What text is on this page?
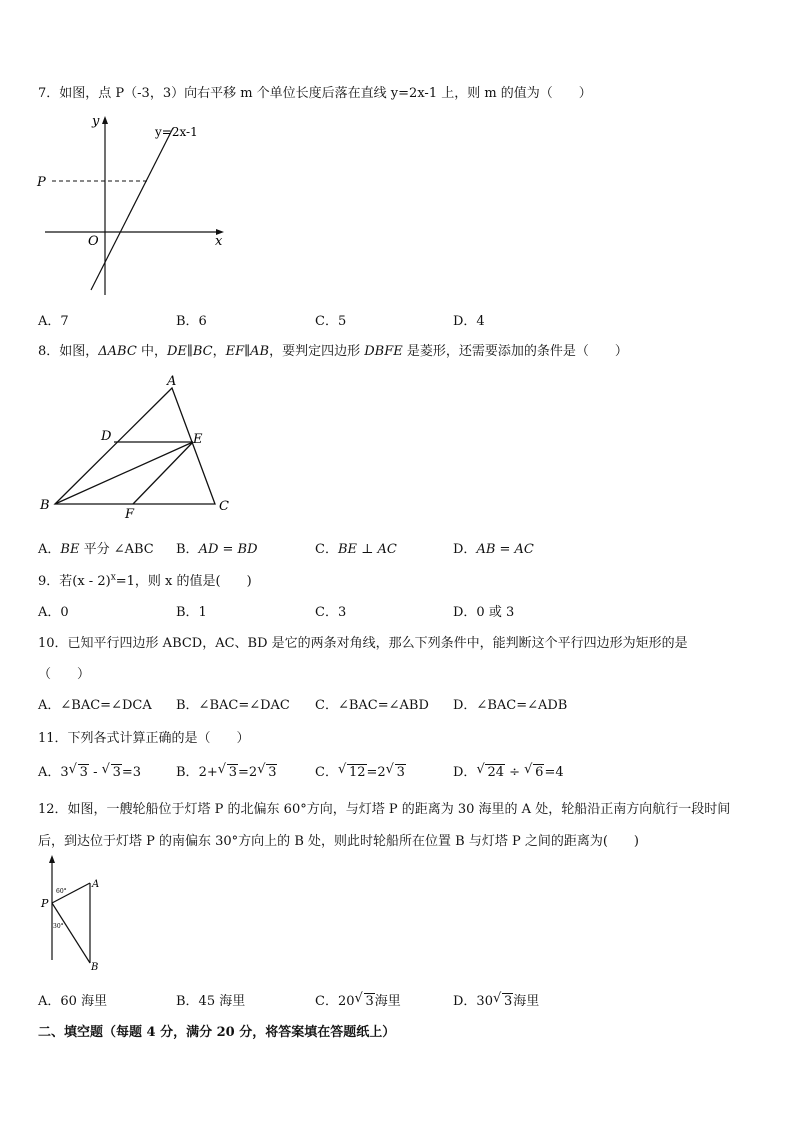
7．如图，点 P（-3，3）向右平移 m 个单位长度后落在直线 y=2x-1 上，则 m 的值为（　　）
y
x
O
P
y=2x-1
A．7	B．6	C．5	D．4
8．如图，ΔABC 中，DE∥BC，EF∥AB，要判定四边形 DBFE 是菱形，还需要添加的条件是（　　）
A
B	C
D	E
F
A．BE 平分 ∠ABC B．AD = BD	C．BE ⊥ AC	D．AB = AC
9．若(x - 2)$^x$=1，则 x 的值是(　　)
A．0	B．1	C．3	D．0 或 3
10．已知平行四边形 ABCD，AC、BD 是它的两条对角线，那么下列条件中，能判断这个平行四边形为矩形的是
（　　）
A．∠BAC=∠DCA B．∠BAC=∠DAC C．∠BAC=∠ABD D．∠BAC=∠ADB
11．下列各式计算正确的是（　　）
A．3 √ 3 - √ 3=3	B．2+ √ 3=2 √ 3	C． √ 12=2 √ 3	D． √ 24 ÷ √ 6=4
12．如图，一艘轮船位于灯塔 P 的北偏东 60°方向，与灯塔 P 的距离为 30 海里的 A 处，轮船沿正南方向航行一段时间
后，到达位于灯塔 P 的南偏东 30°方向上的 B 处，则此时轮船所在位置 B 与灯塔 P 之间的距离为(　　)
P
A
B
60°
30°
A．60 海里	B．45 海里	C．20 √ 3海里	D．30 √ 3海里
二、填空题（每题 4 分，满分 20 分，将答案填在答题纸上）
